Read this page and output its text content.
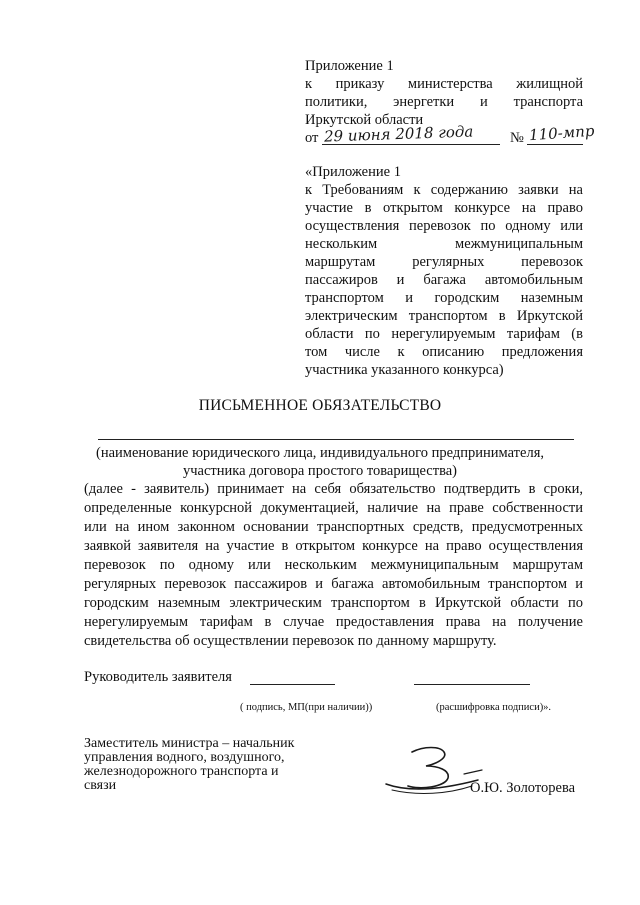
Приложение 1
к приказу министерства жилищной
политики, энергетки и транспорта
Иркутской области
от 29 июня 2018 года	№ 110-мпр
«Приложение 1
к Требованиям к содержанию заявки на
участие в открытом конкурсе на право
осуществления перевозок по одному или
нескольким межмуниципальным
маршрутам регулярных перевозок
пассажиров и багажа автомобильным
транспортом и городским наземным
электрическим транспортом в Иркутской
области по нерегулируемым тарифам (в
том числе к описанию предложения
участника указанного конкурса)
ПИСЬМЕННОЕ ОБЯЗАТЕЛЬСТВО
(наименование юридического лица, индивидуального предпринимателя,
участника договора простого товарищества)
(далее - заявитель) принимает на себя обязательство подтвердить в сроки,
определенные конкурсной документацией, наличие на праве собственности
или на ином законном основании транспортных средств, предусмотренных
заявкой заявителя на участие в открытом конкурсе на право осуществления
перевозок по одному или нескольким межмуниципальным маршрутам
регулярных перевозок пассажиров и багажа автомобильным транспортом и
городским наземным электрическим транспортом в Иркутской области по
нерегулируемым тарифам в случае предоставления права на получение
свидетельства об осуществлении перевозок по данному маршруту.
Руководитель заявителя
( подпись, МП(при наличии))	(расшифровка подписи)».
Заместитель министра – начальник
управления водного, воздушного,
железнодорожного транспорта и
связи	О.Ю. Золоторева
